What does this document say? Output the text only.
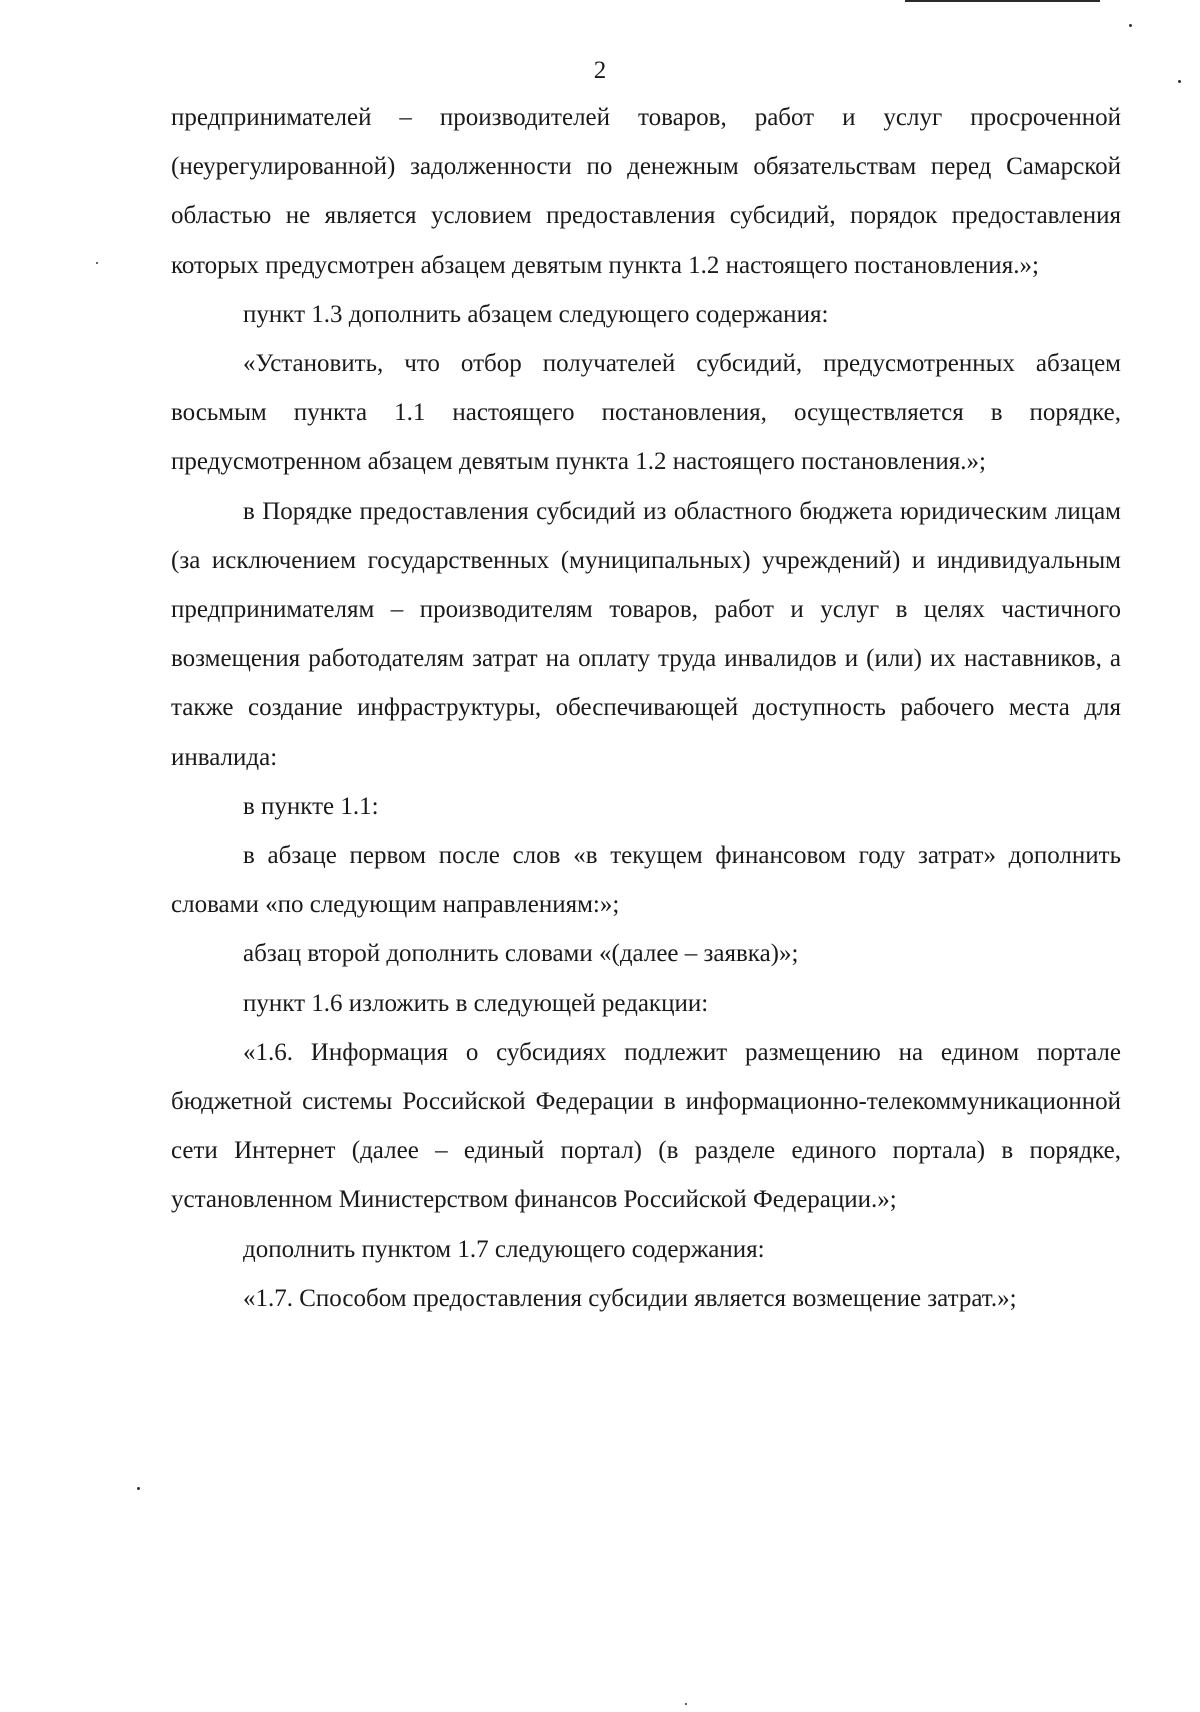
2

предпринимателей – производителей товаров, работ и услуг просроченной (неурегулированной) задолженности по денежным обязательствам перед Самарской областью не является условием предоставления субсидий, порядок предоставления которых предусмотрен абзацем девятым пункта 1.2 настоящего постановления.»;

пункт 1.3 дополнить абзацем следующего содержания:

«Установить, что отбор получателей субсидий, предусмотренных абзацем восьмым пункта 1.1 настоящего постановления, осуществляется в порядке, предусмотренном абзацем девятым пункта 1.2 настоящего постановления.»;

в Порядке предоставления субсидий из областного бюджета юридическим лицам (за исключением государственных (муниципальных) учреждений) и индивидуальным предпринимателям – производителям товаров, работ и услуг в целях частичного возмещения работодателям затрат на оплату труда инвалидов и (или) их наставников, а также создание инфраструктуры, обеспечивающей доступность рабочего места для инвалида:

в пункте 1.1:

в абзаце первом после слов «в текущем финансовом году затрат» дополнить словами «по следующим направлениям:»;

абзац второй дополнить словами «(далее – заявка)»;

пункт 1.6 изложить в следующей редакции:

«1.6. Информация о субсидиях подлежит размещению на едином портале бюджетной системы Российской Федерации в информационно-телекоммуникационной сети Интернет (далее – единый портал) (в разделе единого портала) в порядке, установленном Министерством финансов Российской Федерации.»;

дополнить пунктом 1.7 следующего содержания:

«1.7. Способом предоставления субсидии является возмещение затрат.»;
